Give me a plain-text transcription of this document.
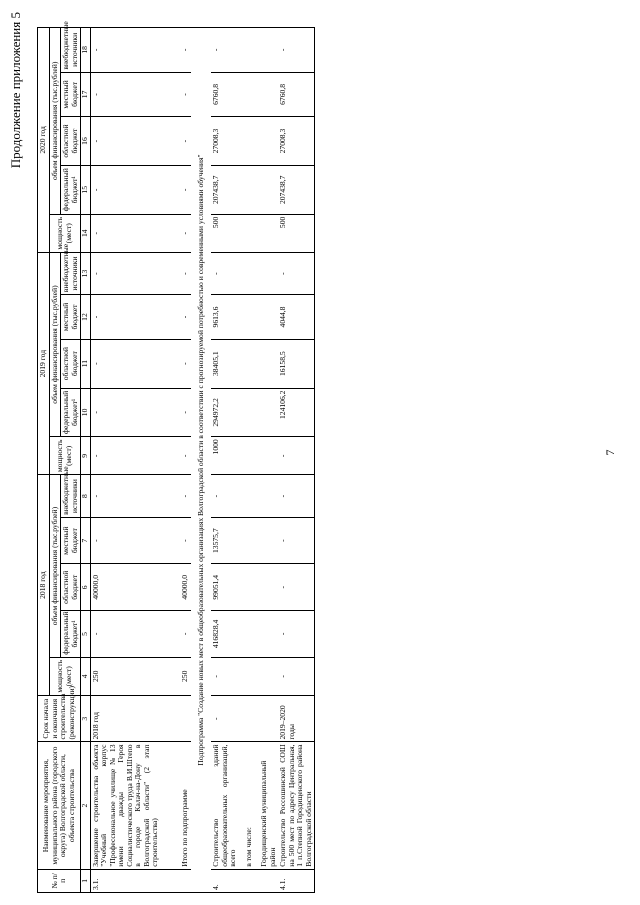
7
Продолжение приложения 5
№ п/п	Наименование мероприятия, муниципального района (городского округа) Волгоградской области, объекта строительства	Срок начала и окончания строительства (реконструкции)	2018 год					2019 год					2020 год				
			мощность (мест)	объем финансирования (тыс.рублей)				мощность (мест)	объем финансирования (тыс.рублей)				мощность (мест)	объем финансирования (тыс.рублей)			
				федеральный бюджет¹	областной бюджет	местный бюджет	внебюджетные источники		федеральный бюджет¹	областной бюджет	местный бюджет	внебюджетные источники		федеральный бюджет¹	областной бюджет	местный бюджет	внебюджетные источники
1	2	3	4	5	6	7	8	9	10	11	12	13	14	15	16	17	18
3.1.	Завершение строительства объекта "Учебный корпус "Профессиональное училище № 13 имени дважды Героя Социалистического труда В.И.Штепо в городе Калач-на-Дону в Волгоградской области" (2 этап строительства)	2018 год	250	-	40000,0	-	-	-	-	-	-	-	-	-	-	-	-
	Итого по подпрограмме		250	-	40000,0	-	-	-	-	-	-	-	-	-	-	-	-
Подпрограмма "Создание новых мест в общеобразовательных организациях Волгоградской области в соответствии с прогнозируемой потребностью и современными условиями обучения"																	
4.	Строительство зданий общеобразовательных организаций, всего	-	-	416828,4	99051,4	13575,7	-	1000	294972,2	38405,1	9613,6	-	500	207438,7	27008,3	6760,8	-
	в том числе:																
	Городищенский муниципальный район																
4.1.	Строительство Россошинской СОШ на 500 мест по адресу Центральная, 1 п.Степной Городищенского района Волгоградской области	2019–2020 годы	-	-	-	-	-	-	124106,2	16158,5	4044,8	-	500	207438,7	27008,3	6760,8	-
